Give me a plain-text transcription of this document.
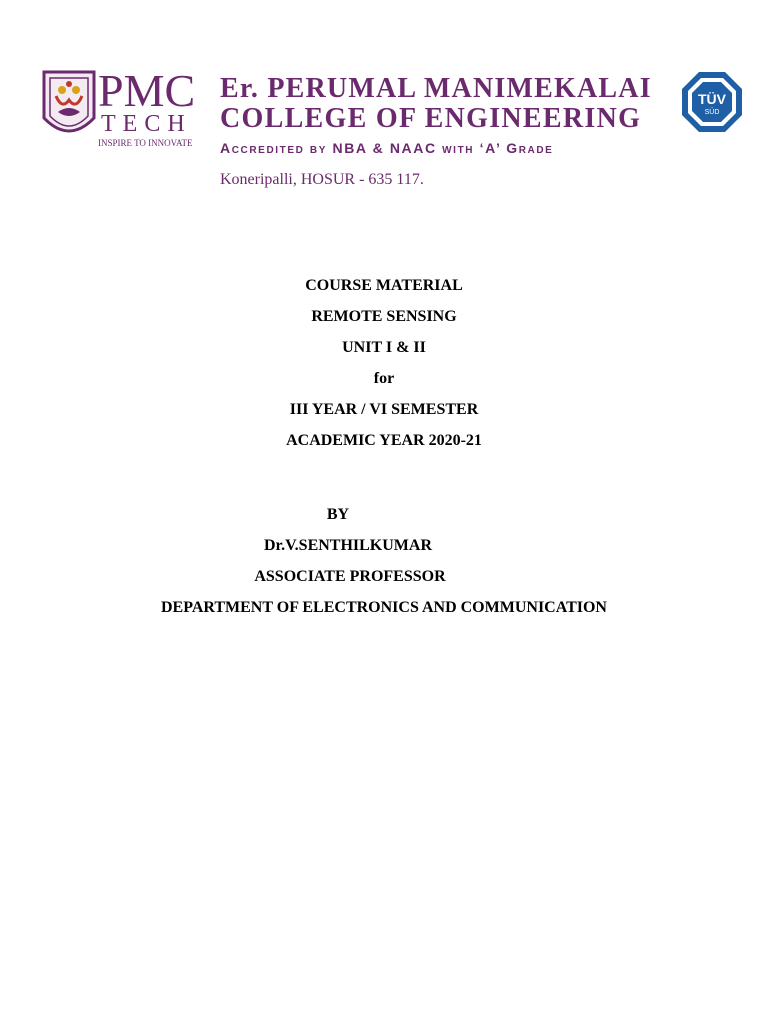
PMC
TECH
INSPIRE TO INNOVATE
Er. PERUMAL MANIMEKALAI
COLLEGE OF ENGINEERING
Accredited by NBA & NAAC with ‘A’ Grade
Koneripalli, HOSUR - 635 117.
TÜV
SÜD
COURSE MATERIAL
REMOTE SENSING
UNIT I & II
for
III YEAR / VI SEMESTER
ACADEMIC YEAR 2020-21
BY
Dr.V.SENTHILKUMAR
ASSOCIATE PROFESSOR
DEPARTMENT OF ELECTRONICS AND COMMUNICATION
